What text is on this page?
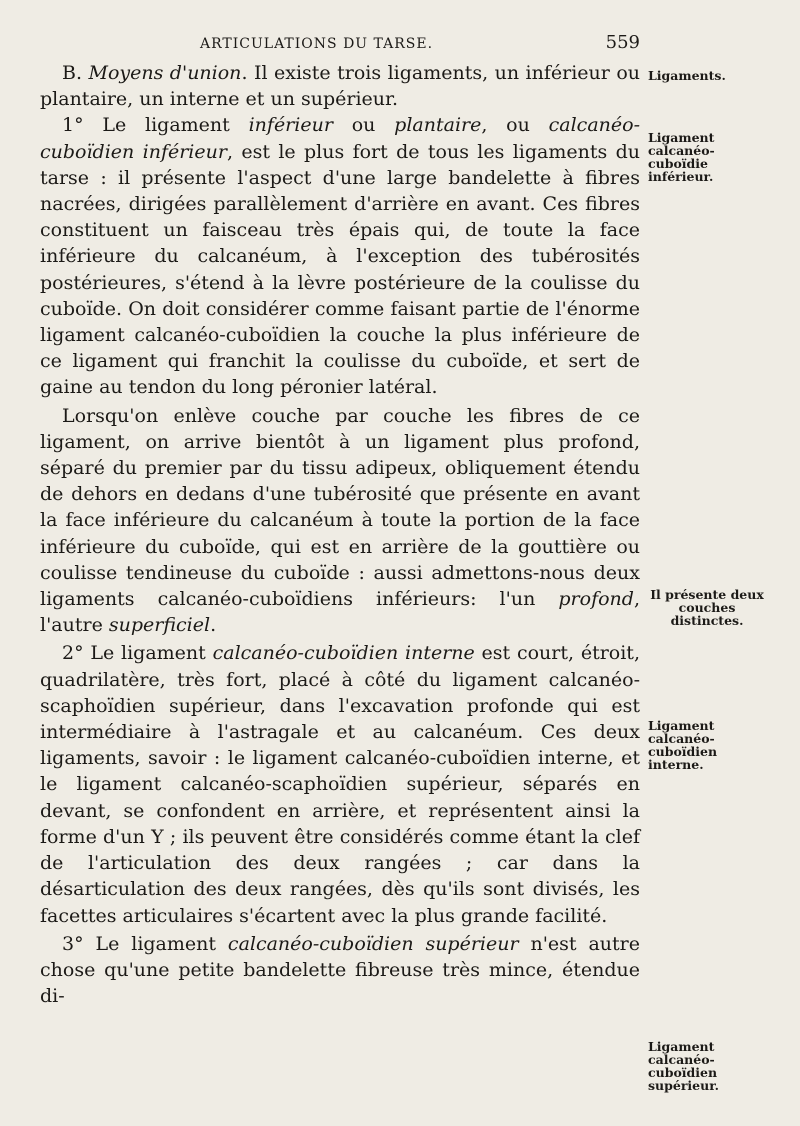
ARTICULATIONS DU TARSE.	559

B. Moyens d'union. Il existe trois ligaments, un inférieur ou plantaire, un interne et un supérieur.

1° Le ligament inférieur ou plantaire, ou calcanéo-cuboïdien inférieur, est le plus fort de tous les ligaments du tarse : il présente l'aspect d'une large bandelette à fibres nacrées, dirigées parallèlement d'arrière en avant. Ces fibres constituent un faisceau très épais qui, de toute la face inférieure du calcanéum, à l'exception des tubérosités postérieures, s'étend à la lèvre postérieure de la coulisse du cuboïde. On doit considérer comme faisant partie de l'énorme ligament calcanéo-cuboïdien la couche la plus inférieure de ce ligament qui franchit la coulisse du cuboïde, et sert de gaine au tendon du long péronier latéral.

Lorsqu'on enlève couche par couche les fibres de ce ligament, on arrive bientôt à un ligament plus profond, séparé du premier par du tissu adipeux, obliquement étendu de dehors en dedans d'une tubérosité que présente en avant la face inférieure du calcanéum à toute la portion de la face inférieure du cuboïde, qui est en arrière de la gouttière ou coulisse tendineuse du cuboïde : aussi admettons-nous deux ligaments calcanéo-cuboïdiens inférieurs: l'un profond, l'autre superficiel.

2° Le ligament calcanéo-cuboïdien interne est court, étroit, quadrilatère, très fort, placé à côté du ligament calcanéo-scaphoïdien supérieur, dans l'excavation profonde qui est intermédiaire à l'astragale et au calcanéum. Ces deux ligaments, savoir : le ligament calcanéo-cuboïdien interne, et le ligament calcanéo-scaphoïdien supérieur, séparés en devant, se confondent en arrière, et représentent ainsi la forme d'un Y ; ils peuvent être considérés comme étant la clef de l'articulation des deux rangées ; car dans la désarticulation des deux rangées, dès qu'ils sont divisés, les facettes articulaires s'écartent avec la plus grande facilité.

3° Le ligament calcanéo-cuboïdien supérieur n'est autre chose qu'une petite bandelette fibreuse très mince, étendue di-

Ligaments.
Ligament calcanéo-cuboïdie inférieur.
Il présente deux couches distinctes.
Ligament calcanéo-cuboïdien interne.
Ligament calcanéo-cuboïdien supérieur.
